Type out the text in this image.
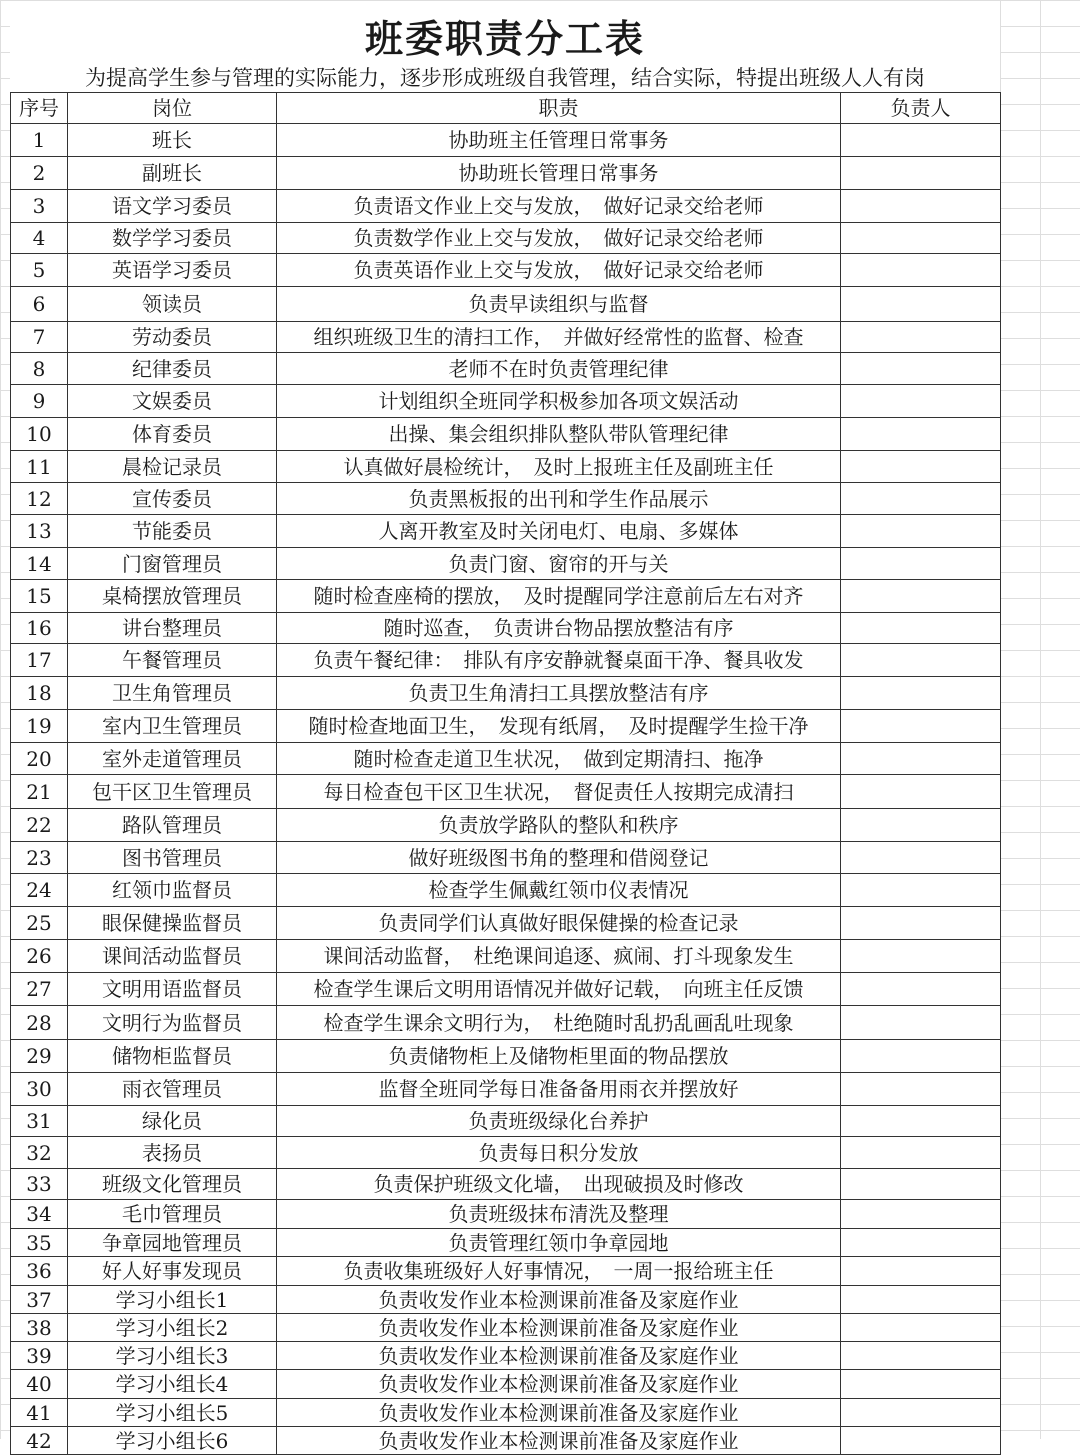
班委职责分工表
为提高学生参与管理的实际能力，逐步形成班级自我管理，结合实际，特提出班级人人有岗
序号	岗位	职责	负责人
1	班长	协助班主任管理日常事务	
2	副班长	协助班长管理日常事务	
3	语文学习委员	负责语文作业上交与发放，　做好记录交给老师	
4	数学学习委员	负责数学作业上交与发放，　做好记录交给老师	
5	英语学习委员	负责英语作业上交与发放，　做好记录交给老师	
6	领读员	负责早读组织与监督	
7	劳动委员	组织班级卫生的清扫工作，　并做好经常性的监督、检查	
8	纪律委员	老师不在时负责管理纪律	
9	文娱委员	计划组织全班同学积极参加各项文娱活动	
10	体育委员	出操、集会组织排队整队带队管理纪律	
11	晨检记录员	认真做好晨检统计，　及时上报班主任及副班主任	
12	宣传委员	负责黑板报的出刊和学生作品展示	
13	节能委员	人离开教室及时关闭电灯、电扇、多媒体	
14	门窗管理员	负责门窗、窗帘的开与关	
15	桌椅摆放管理员	随时检查座椅的摆放，　及时提醒同学注意前后左右对齐	
16	讲台整理员	随时巡查，　负责讲台物品摆放整洁有序	
17	午餐管理员	负责午餐纪律：　排队有序安静就餐桌面干净、餐具收发	
18	卫生角管理员	负责卫生角清扫工具摆放整洁有序	
19	室内卫生管理员	随时检查地面卫生，　发现有纸屑，　及时提醒学生捡干净	
20	室外走道管理员	随时检查走道卫生状况，　做到定期清扫、拖净	
21	包干区卫生管理员	每日检查包干区卫生状况，　督促责任人按期完成清扫	
22	路队管理员	负责放学路队的整队和秩序	
23	图书管理员	做好班级图书角的整理和借阅登记	
24	红领巾监督员	检查学生佩戴红领巾仪表情况	
25	眼保健操监督员	负责同学们认真做好眼保健操的检查记录	
26	课间活动监督员	课间活动监督，　杜绝课间追逐、疯闹、打斗现象发生	
27	文明用语监督员	检查学生课后文明用语情况并做好记载，　向班主任反馈	
28	文明行为监督员	检查学生课余文明行为，　杜绝随时乱扔乱画乱吐现象	
29	储物柜监督员	负责储物柜上及储物柜里面的物品摆放	
30	雨衣管理员	监督全班同学每日准备备用雨衣并摆放好	
31	绿化员	负责班级绿化台养护	
32	表扬员	负责每日积分发放	
33	班级文化管理员	负责保护班级文化墙，　出现破损及时修改	
34	毛巾管理员	负责班级抹布清洗及整理	
35	争章园地管理员	负责管理红领巾争章园地	
36	好人好事发现员	负责收集班级好人好事情况，　一周一报给班主任	
37	学习小组长1	负责收发作业本检测课前准备及家庭作业	
38	学习小组长2	负责收发作业本检测课前准备及家庭作业	
39	学习小组长3	负责收发作业本检测课前准备及家庭作业	
40	学习小组长4	负责收发作业本检测课前准备及家庭作业	
41	学习小组长5	负责收发作业本检测课前准备及家庭作业	
42	学习小组长6	负责收发作业本检测课前准备及家庭作业	
